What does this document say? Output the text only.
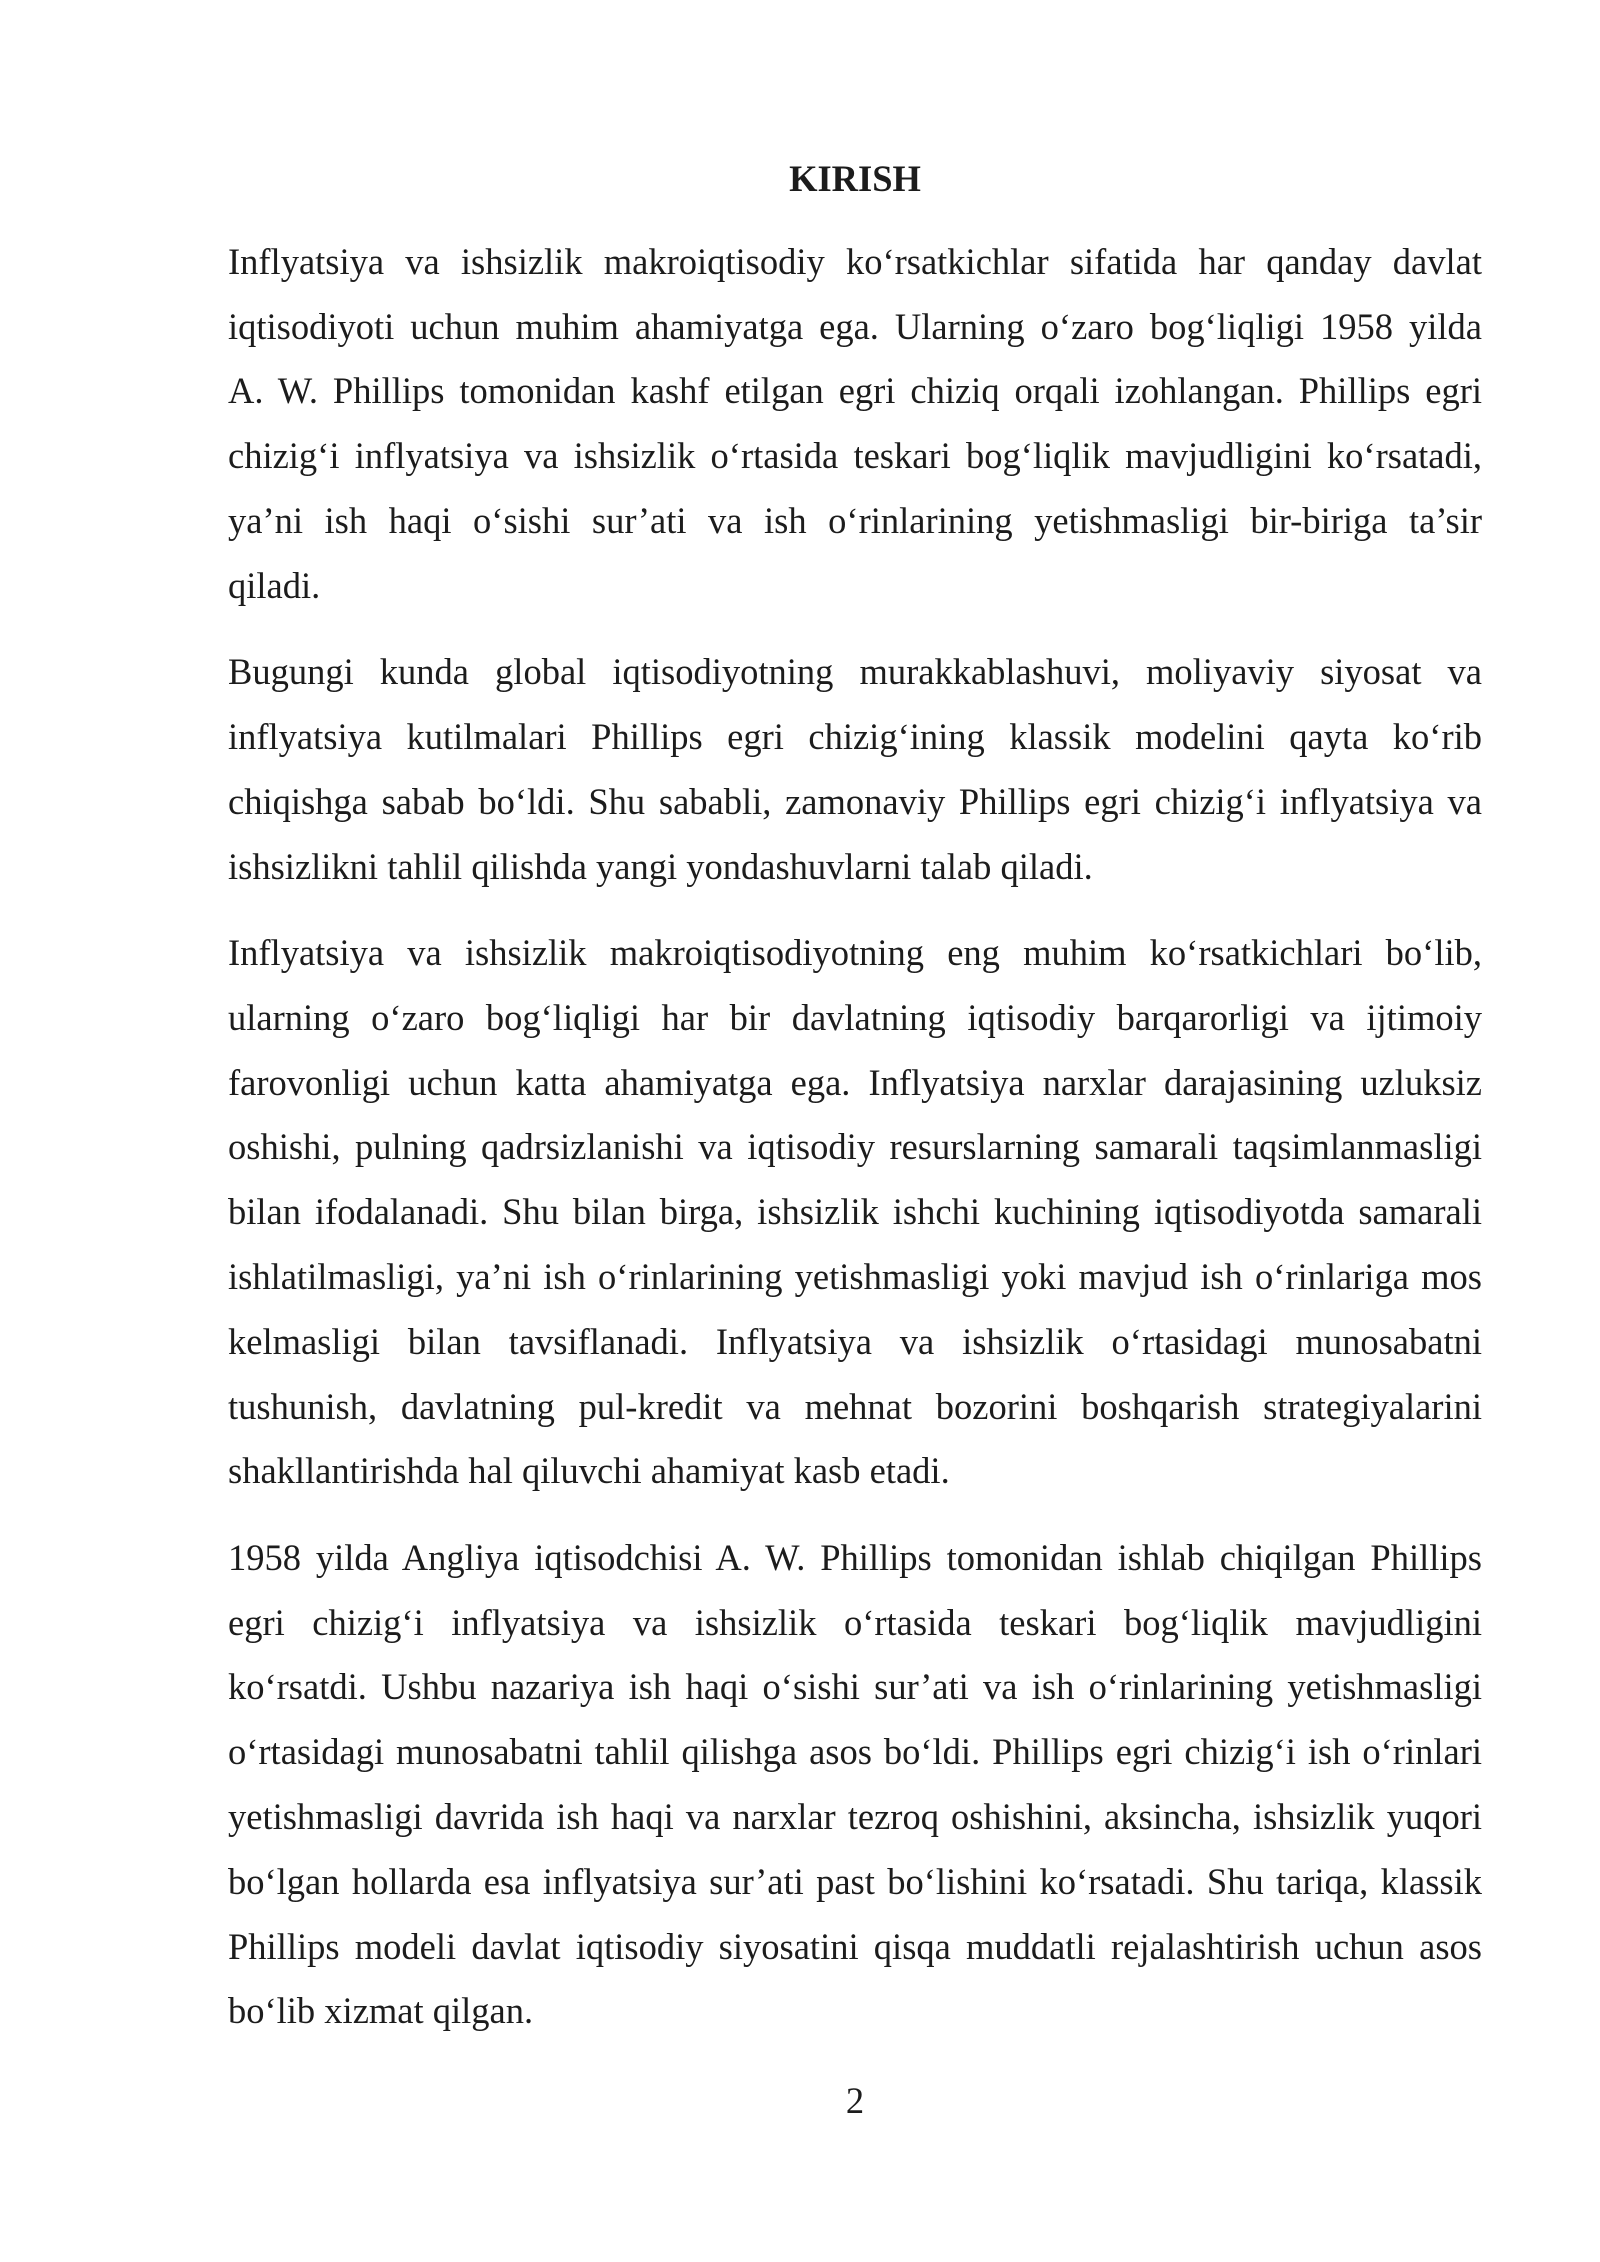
KIRISH
Inflyatsiya va ishsizlik makroiqtisodiy ko‘rsatkichlar sifatida har qanday davlat
iqtisodiyoti uchun muhim ahamiyatga ega. Ularning o‘zaro bog‘liqligi 1958 yilda
A. W. Phillips tomonidan kashf etilgan egri chiziq orqali izohlangan. Phillips egri
chizig‘i inflyatsiya va ishsizlik o‘rtasida teskari bog‘liqlik mavjudligini ko‘rsatadi,
ya’ni ish haqi o‘sishi sur’ati va ish o‘rinlarining yetishmasligi bir-biriga ta’sir
qiladi.
Bugungi kunda global iqtisodiyotning murakkablashuvi, moliyaviy siyosat va
inflyatsiya kutilmalari Phillips egri chizig‘ining klassik modelini qayta ko‘rib
chiqishga sabab bo‘ldi. Shu sababli, zamonaviy Phillips egri chizig‘i inflyatsiya va
ishsizlikni tahlil qilishda yangi yondashuvlarni talab qiladi.
Inflyatsiya va ishsizlik makroiqtisodiyotning eng muhim ko‘rsatkichlari bo‘lib,
ularning o‘zaro bog‘liqligi har bir davlatning iqtisodiy barqarorligi va ijtimoiy
farovonligi uchun katta ahamiyatga ega. Inflyatsiya narxlar darajasining uzluksiz
oshishi, pulning qadrsizlanishi va iqtisodiy resurslarning samarali taqsimlanmasligi
bilan ifodalanadi. Shu bilan birga, ishsizlik ishchi kuchining iqtisodiyotda samarali
ishlatilmasligi, ya’ni ish o‘rinlarining yetishmasligi yoki mavjud ish o‘rinlariga mos
kelmasligi bilan tavsiflanadi. Inflyatsiya va ishsizlik o‘rtasidagi munosabatni
tushunish, davlatning pul-kredit va mehnat bozorini boshqarish strategiyalarini
shakllantirishda hal qiluvchi ahamiyat kasb etadi.
1958 yilda Angliya iqtisodchisi A. W. Phillips tomonidan ishlab chiqilgan Phillips
egri chizig‘i inflyatsiya va ishsizlik o‘rtasida teskari bog‘liqlik mavjudligini
ko‘rsatdi. Ushbu nazariya ish haqi o‘sishi sur’ati va ish o‘rinlarining yetishmasligi
o‘rtasidagi munosabatni tahlil qilishga asos bo‘ldi. Phillips egri chizig‘i ish o‘rinlari
yetishmasligi davrida ish haqi va narxlar tezroq oshishini, aksincha, ishsizlik yuqori
bo‘lgan hollarda esa inflyatsiya sur’ati past bo‘lishini ko‘rsatadi. Shu tariqa, klassik
Phillips modeli davlat iqtisodiy siyosatini qisqa muddatli rejalashtirish uchun asos
bo‘lib xizmat qilgan.
2
